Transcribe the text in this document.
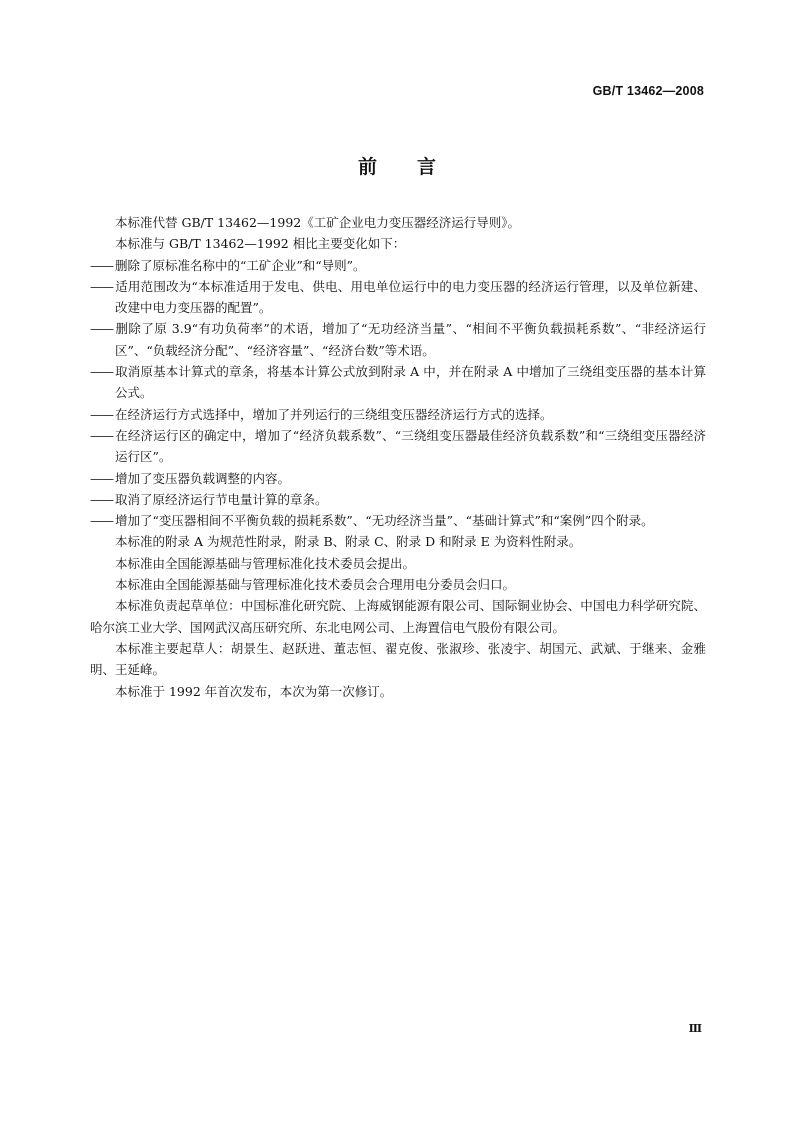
GB/T 13462—2008
前言

本标准代替 GB/T 13462—1992《工矿企业电力变压器经济运行导则》。

本标准与 GB/T 13462—1992 相比主要变化如下：

—— 删除了原标准名称中的“工矿企业”和“导则”。
—— 适用范围改为“本标准适用于发电、供电、用电单位运行中的电力变压器的经济运行管理，以及单位新建、改建中电力变压器的配置”。
—— 删除了原 3.9“有功负荷率”的术语，增加了“无功经济当量”、“相间不平衡负载损耗系数”、“非经济运行区”、“负载经济分配”、“经济容量”、“经济台数”等术语。
—— 取消原基本计算式的章条，将基本计算公式放到附录 A 中，并在附录 A 中增加了三绕组变压器的基本计算公式。
—— 在经济运行方式选择中，增加了并列运行的三绕组变压器经济运行方式的选择。
—— 在经济运行区的确定中，增加了“经济负载系数”、“三绕组变压器最佳经济负载系数”和“三绕组变压器经济运行区”。
—— 增加了变压器负载调整的内容。
—— 取消了原经济运行节电量计算的章条。
—— 增加了“变压器相间不平衡负载的损耗系数”、“无功经济当量”、“基础计算式”和“案例”四个附录。

本标准的附录 A 为规范性附录，附录 B、附录 C、附录 D 和附录 E 为资料性附录。

本标准由全国能源基础与管理标准化技术委员会提出。

本标准由全国能源基础与管理标准化技术委员会合理用电分委员会归口。

本标准负责起草单位：中国标准化研究院、上海威钢能源有限公司、国际铜业协会、中国电力科学研究院、哈尔滨工业大学、国网武汉高压研究所、东北电网公司、上海置信电气股份有限公司。

本标准主要起草人：胡景生、赵跃进、董志恒、翟克俊、张淑珍、张凌宇、胡国元、武斌、于继来、金雅明、王延峰。

本标准于 1992 年首次发布，本次为第一次修订。

Ⅲ
